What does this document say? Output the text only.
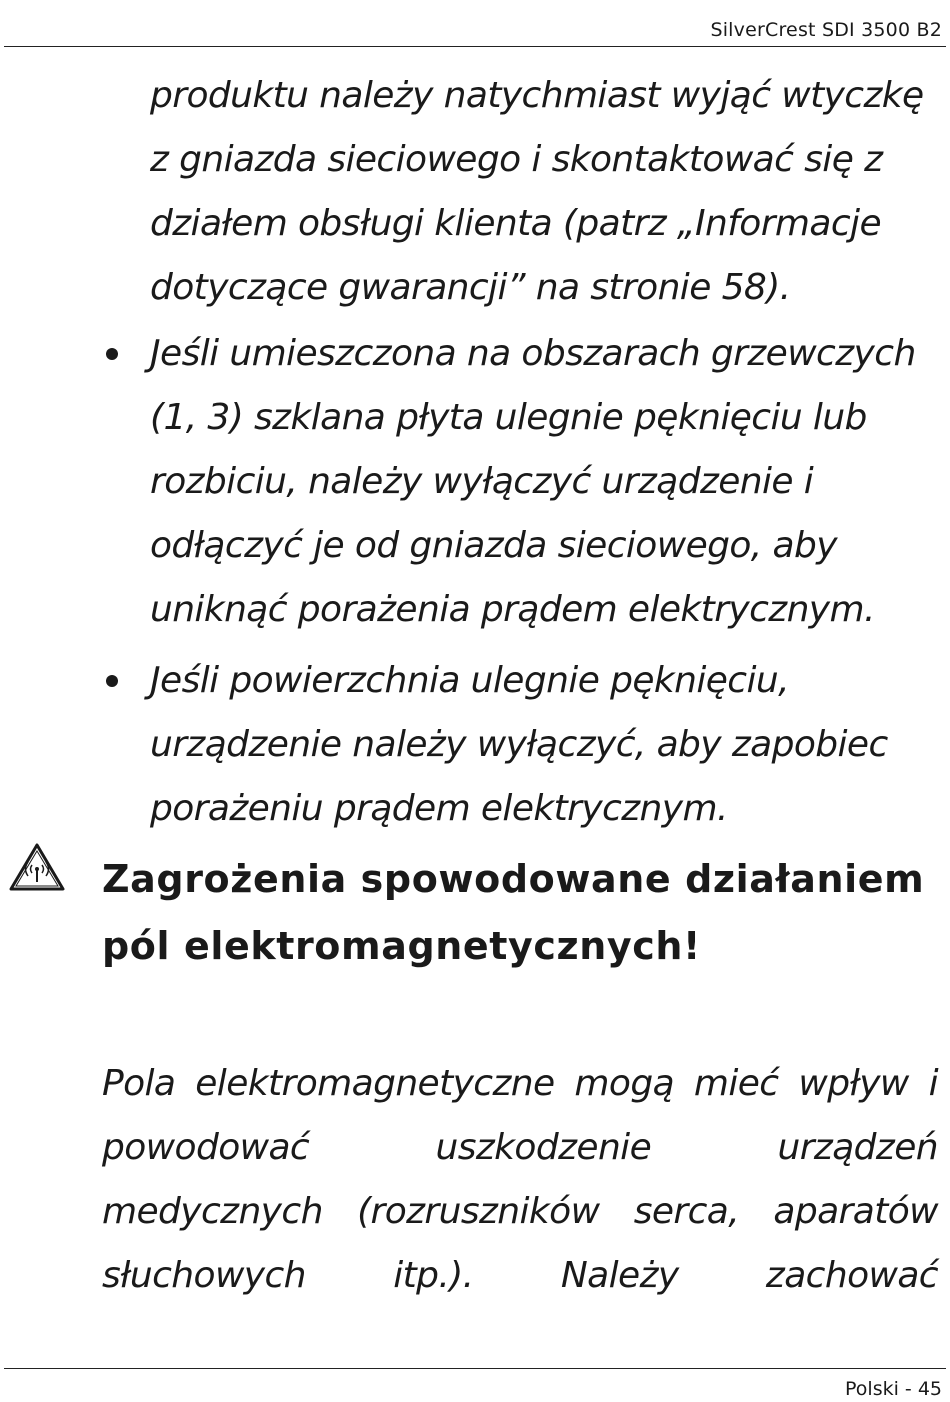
SilverCrest SDI 3500 B2

produktu należy natychmiast wyjąć wtyczkę z gniazda sieciowego i skontaktować się z działem obsługi klienta (patrz „Informacje dotyczące gwarancji” na stronie 58).

Jeśli umieszczona na obszarach grzewczych (1, 3) szklana płyta ulegnie pęknięciu lub rozbiciu, należy wyłączyć urządzenie i odłączyć je od gniazda sieciowego, aby uniknąć porażenia prądem elektrycznym.

Jeśli powierzchnia ulegnie pęknięciu, urządzenie należy wyłączyć, aby zapobiec porażeniu prądem elektrycznym.

Zagrożenia spowodowane działaniem pól elektromagnetycznych!

Pola elektromagnetyczne mogą mieć wpływ i powodować uszkodzenie urządzeń medycznych (rozruszników serca, aparatów słuchowych itp.). Należy zachować

Polski - 45
